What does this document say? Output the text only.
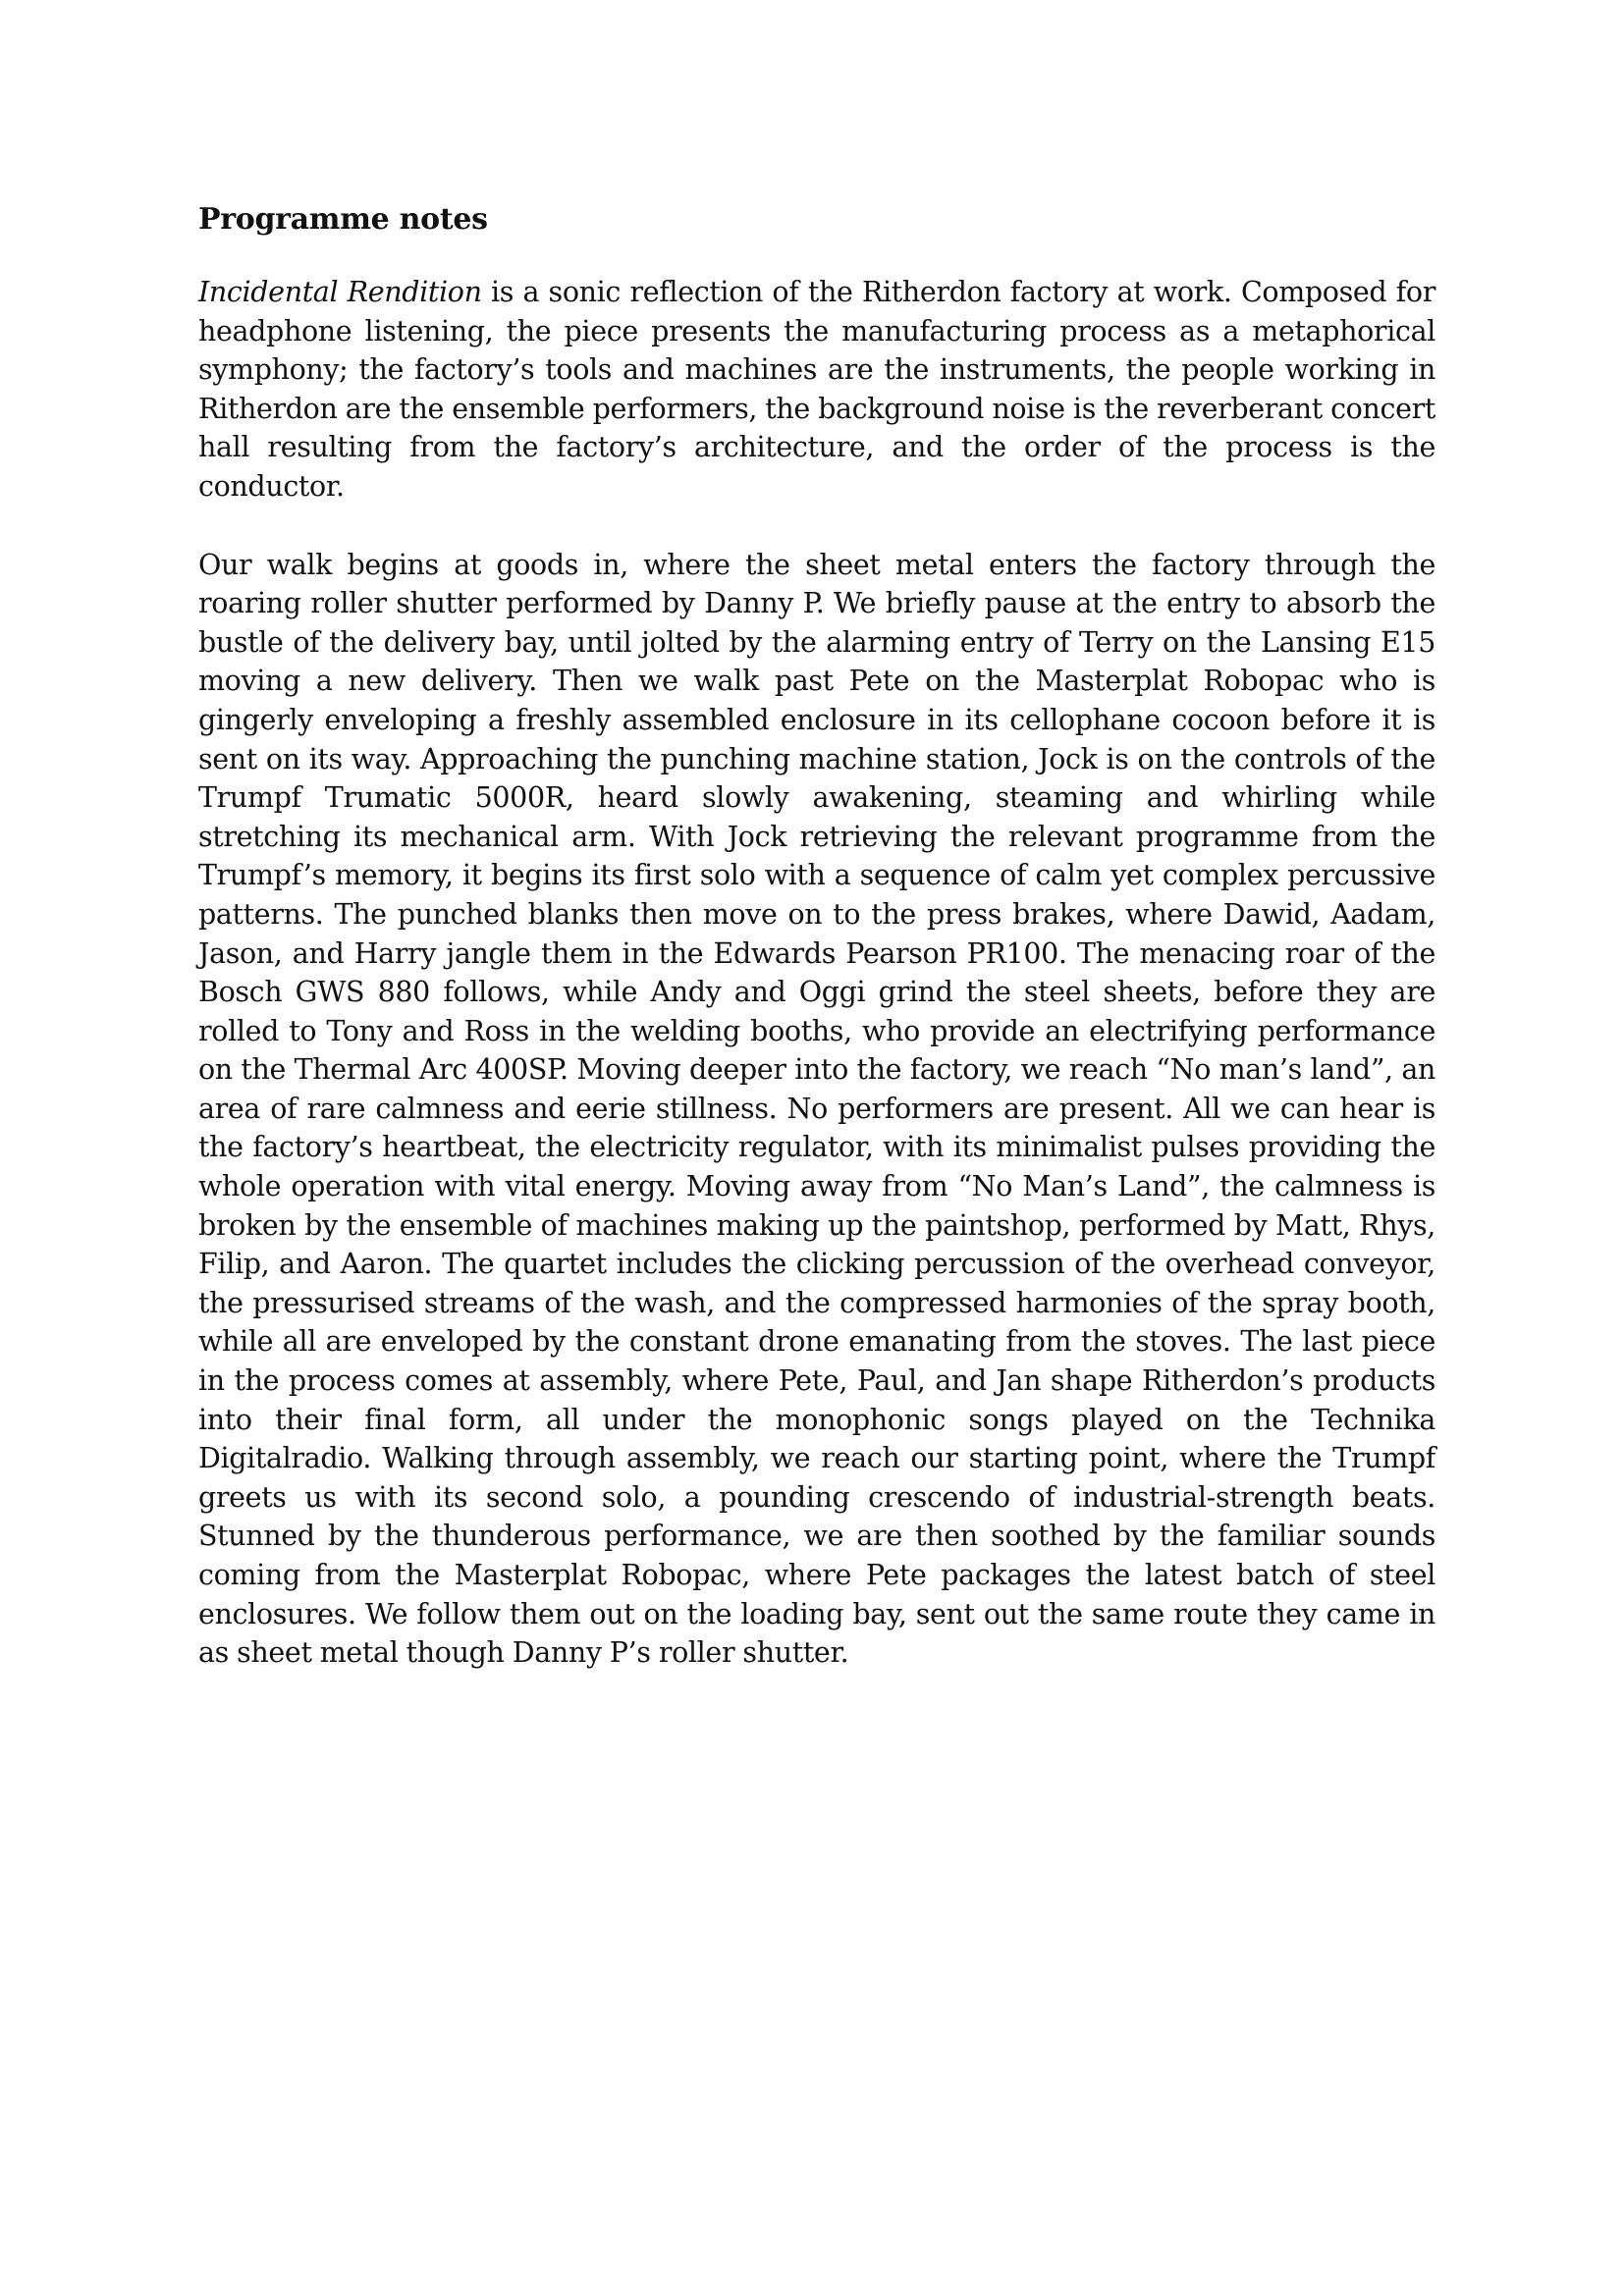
Programme notes

Incidental Rendition is a sonic reflection of the Ritherdon factory at work. Composed for headphone listening, the piece presents the manufacturing process as a metaphorical symphony; the factory’s tools and machines are the instruments, the people working in Ritherdon are the ensemble performers, the background noise is the reverberant concert hall resulting from the factory’s architecture, and the order of the process is the conductor.

Our walk begins at goods in, where the sheet metal enters the factory through the roaring roller shutter performed by Danny P. We briefly pause at the entry to absorb the bustle of the delivery bay, until jolted by the alarming entry of Terry on the Lansing E15 moving a new delivery. Then we walk past Pete on the Masterplat Robopac who is gingerly enveloping a freshly assembled enclosure in its cellophane cocoon before it is sent on its way. Approaching the punching machine station, Jock is on the controls of the Trumpf Trumatic 5000R, heard slowly awakening, steaming and whirling while stretching its mechanical arm. With Jock retrieving the relevant programme from the Trumpf’s memory, it begins its first solo with a sequence of calm yet complex percussive patterns. The punched blanks then move on to the press brakes, where Dawid, Aadam, Jason, and Harry jangle them in the Edwards Pearson PR100. The menacing roar of the Bosch GWS 880 follows, while Andy and Oggi grind the steel sheets, before they are rolled to Tony and Ross in the welding booths, who provide an electrifying performance on the Thermal Arc 400SP. Moving deeper into the factory, we reach “No man’s land”, an area of rare calmness and eerie stillness. No performers are present. All we can hear is the factory’s heartbeat, the electricity regulator, with its minimalist pulses providing the whole operation with vital energy. Moving away from “No Man’s Land”, the calmness is broken by the ensemble of machines making up the paintshop, performed by Matt, Rhys, Filip, and Aaron. The quartet includes the clicking percussion of the overhead conveyor, the pressurised streams of the wash, and the compressed harmonies of the spray booth, while all are enveloped by the constant drone emanating from the stoves. The last piece in the process comes at assembly, where Pete, Paul, and Jan shape Ritherdon’s products into their final form, all under the monophonic songs played on the Technika Digitalradio. Walking through assembly, we reach our starting point, where the Trumpf greets us with its second solo, a pounding crescendo of industrial-strength beats. Stunned by the thunderous performance, we are then soothed by the familiar sounds coming from the Masterplat Robopac, where Pete packages the latest batch of steel enclosures. We follow them out on the loading bay, sent out the same route they came in as sheet metal though Danny P’s roller shutter.
